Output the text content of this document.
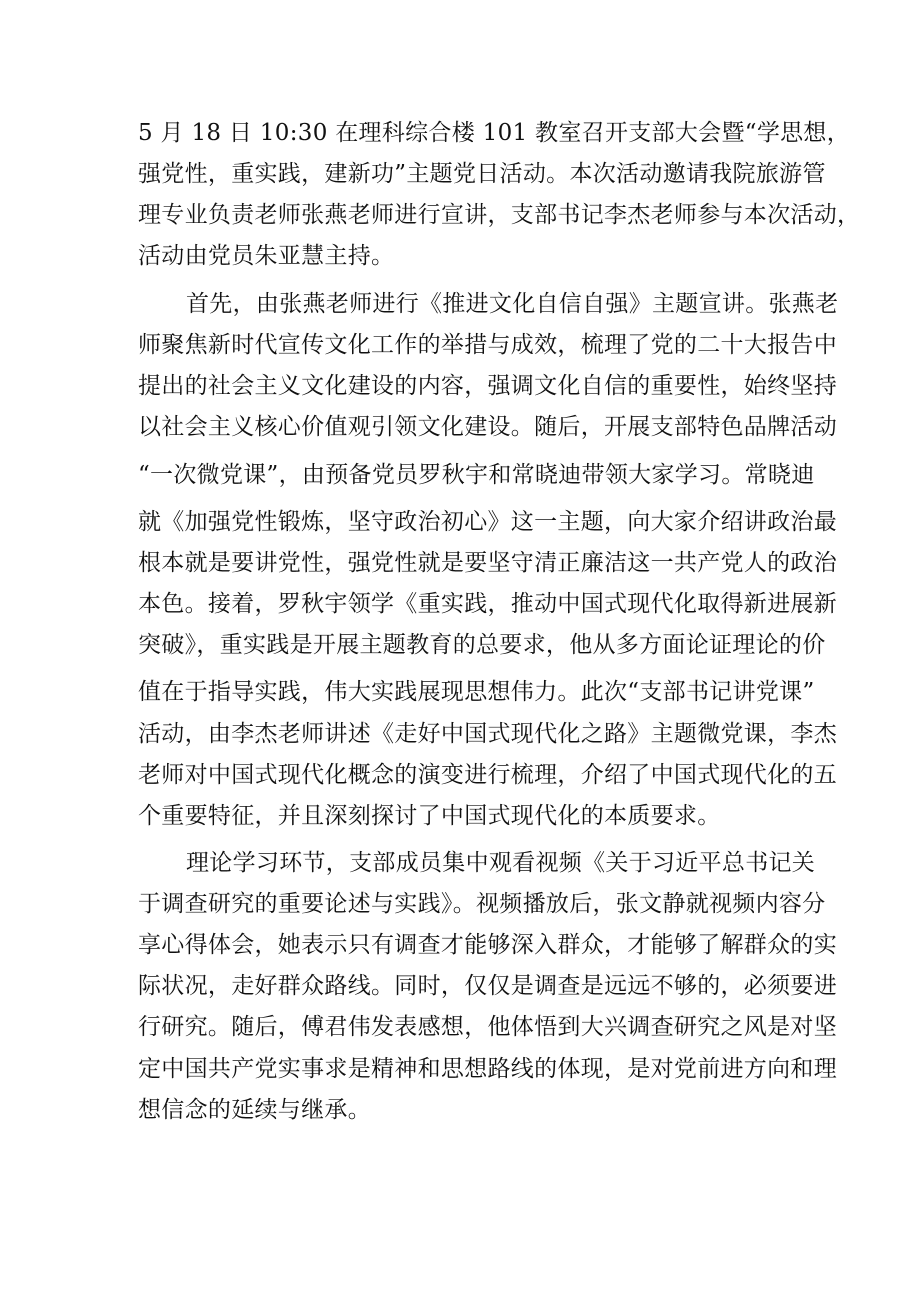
5 月 18 日 10:30 在理科综合楼 101 教室召开支部大会暨“学思想，
强党性，重实践，建新功”主题党日活动。本次活动邀请我院旅游管
理专业负责老师张燕老师进行宣讲，支部书记李杰老师参与本次活动，
活动由党员朱亚慧主持。
首先，由张燕老师进行《推进文化自信自强》主题宣讲。张燕老
师聚焦新时代宣传文化工作的举措与成效，梳理了党的二十大报告中
提出的社会主义文化建设的内容，强调文化自信的重要性，始终坚持
以社会主义核心价值观引领文化建设。随后，开展支部特色品牌活动
“一次微党课”，由预备党员罗秋宇和常晓迪带领大家学习。常晓迪
就《加强党性锻炼，坚守政治初心》这一主题，向大家介绍讲政治最
根本就是要讲党性，强党性就是要坚守清正廉洁这一共产党人的政治
本色。接着，罗秋宇领学《重实践，推动中国式现代化取得新进展新
突破》，重实践是开展主题教育的总要求，他从多方面论证理论的价
值在于指导实践，伟大实践展现思想伟力。此次“支部书记讲党课”
活动，由李杰老师讲述《走好中国式现代化之路》主题微党课，李杰
老师对中国式现代化概念的演变进行梳理，介绍了中国式现代化的五
个重要特征，并且深刻探讨了中国式现代化的本质要求。
理论学习环节，支部成员集中观看视频《关于习近平总书记关
于调查研究的重要论述与实践》。视频播放后，张文静就视频内容分
享心得体会，她表示只有调查才能够深入群众，才能够了解群众的实
际状况，走好群众路线。同时，仅仅是调查是远远不够的，必须要进
行研究。随后，傅君伟发表感想，他体悟到大兴调查研究之风是对坚
定中国共产党实事求是精神和思想路线的体现，是对党前进方向和理
想信念的延续与继承。
